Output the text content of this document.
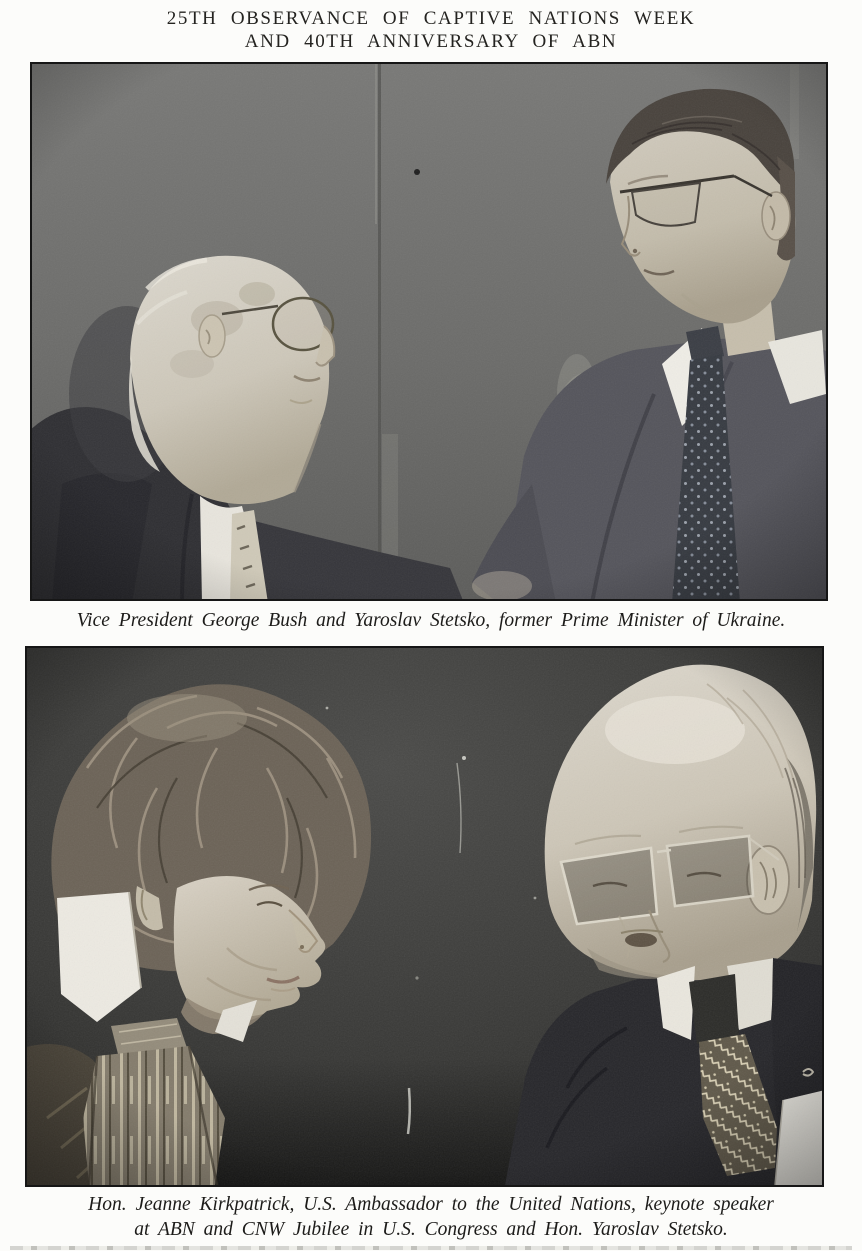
25TH OBSERVANCE OF CAPTIVE NATIONS WEEK
AND 40TH ANNIVERSARY OF ABN
Vice President George Bush and Yaroslav Stetsko, former Prime Minister of Ukraine.
Hon. Jeanne Kirkpatrick, U.S. Ambassador to the United Nations, keynote speaker
at ABN and CNW Jubilee in U.S. Congress and Hon. Yaroslav Stetsko.
